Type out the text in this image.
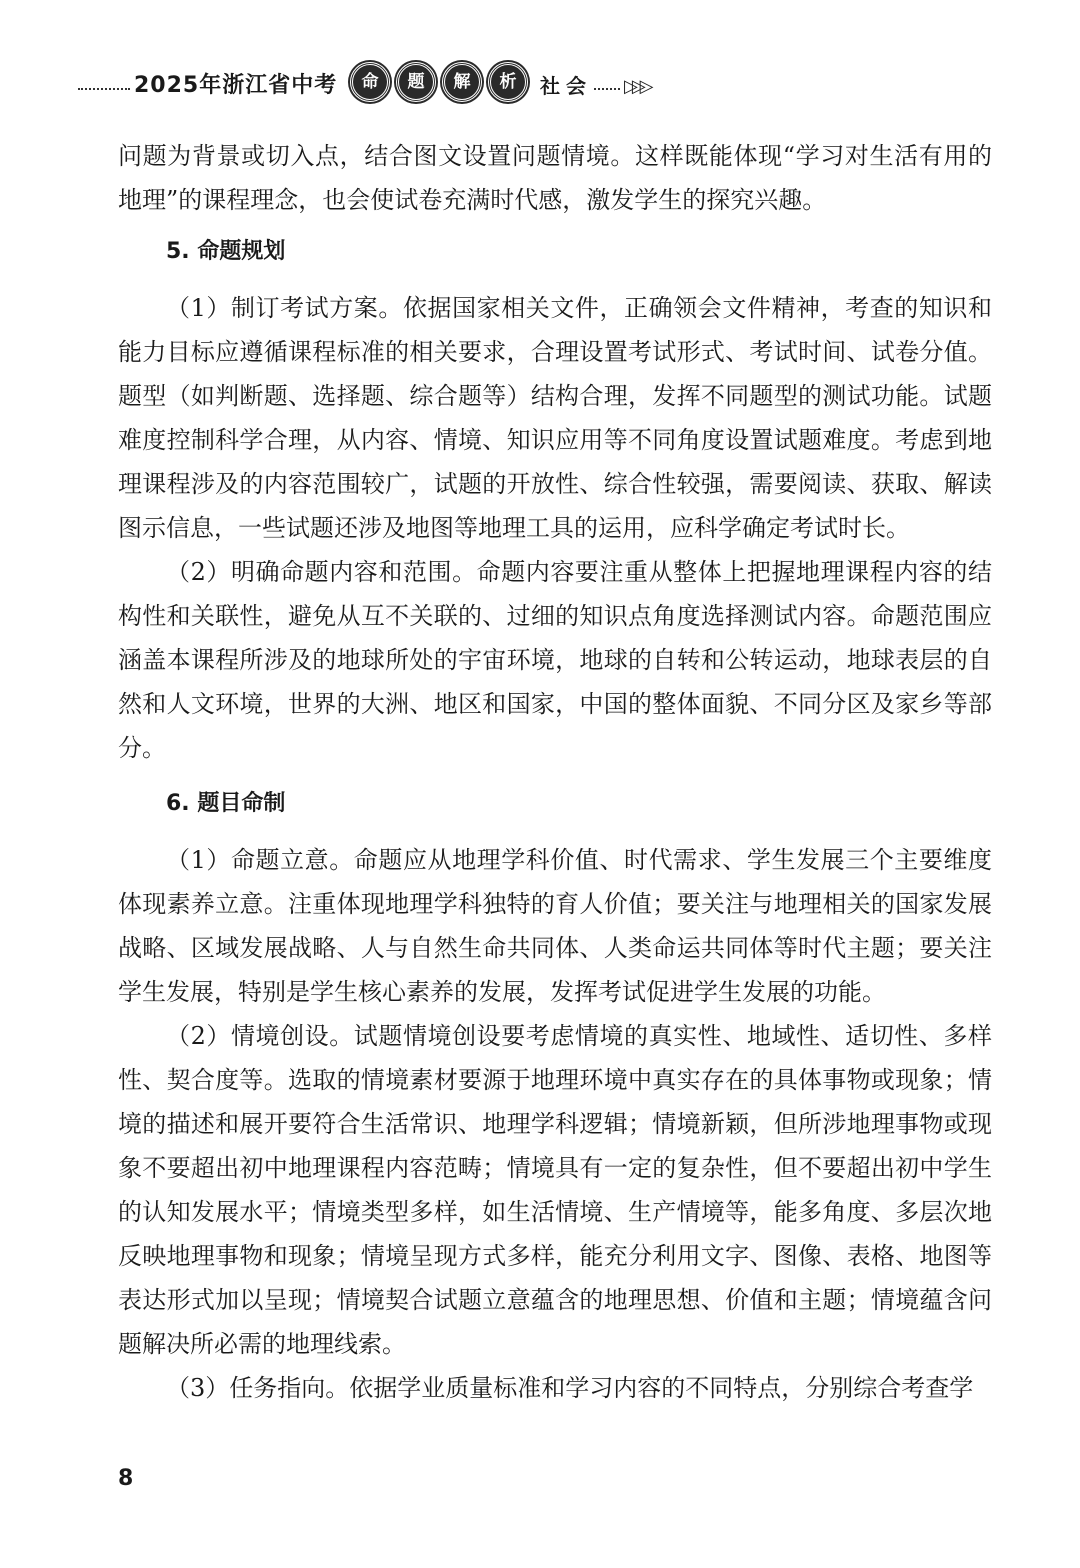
2025年浙江省中考	命	题	解	析	社会 ▷▷▷

问题为背景或切入点，结合图文设置问题情境。这样既能体现“学习对生活有用的地理”的课程理念，也会使试卷充满时代感，激发学生的探究兴趣。

5. 命题规划

（1）制订考试方案。依据国家相关文件，正确领会文件精神，考查的知识和能力目标应遵循课程标准的相关要求，合理设置考试形式、考试时间、试卷分值。题型（如判断题、选择题、综合题等）结构合理，发挥不同题型的测试功能。试题难度控制科学合理，从内容、情境、知识应用等不同角度设置试题难度。考虑到地理课程涉及的内容范围较广，试题的开放性、综合性较强，需要阅读、获取、解读图示信息，一些试题还涉及地图等地理工具的运用，应科学确定考试时长。

（2）明确命题内容和范围。命题内容要注重从整体上把握地理课程内容的结构性和关联性，避免从互不关联的、过细的知识点角度选择测试内容。命题范围应涵盖本课程所涉及的地球所处的宇宙环境，地球的自转和公转运动，地球表层的自然和人文环境，世界的大洲、地区和国家，中国的整体面貌、不同分区及家乡等部分。

6. 题目命制

（1）命题立意。命题应从地理学科价值、时代需求、学生发展三个主要维度体现素养立意。注重体现地理学科独特的育人价值；要关注与地理相关的国家发展战略、区域发展战略、人与自然生命共同体、人类命运共同体等时代主题；要关注学生发展，特别是学生核心素养的发展，发挥考试促进学生发展的功能。

（2）情境创设。试题情境创设要考虑情境的真实性、地域性、适切性、多样性、契合度等。选取的情境素材要源于地理环境中真实存在的具体事物或现象；情境的描述和展开要符合生活常识、地理学科逻辑；情境新颖，但所涉地理事物或现象不要超出初中地理课程内容范畴；情境具有一定的复杂性，但不要超出初中学生的认知发展水平；情境类型多样，如生活情境、生产情境等，能多角度、多层次地反映地理事物和现象；情境呈现方式多样，能充分利用文字、图像、表格、地图等表达形式加以呈现；情境契合试题立意蕴含的地理思想、价值和主题；情境蕴含问题解决所必需的地理线索。

（3）任务指向。依据学业质量标准和学习内容的不同特点，分别综合考查学

8
